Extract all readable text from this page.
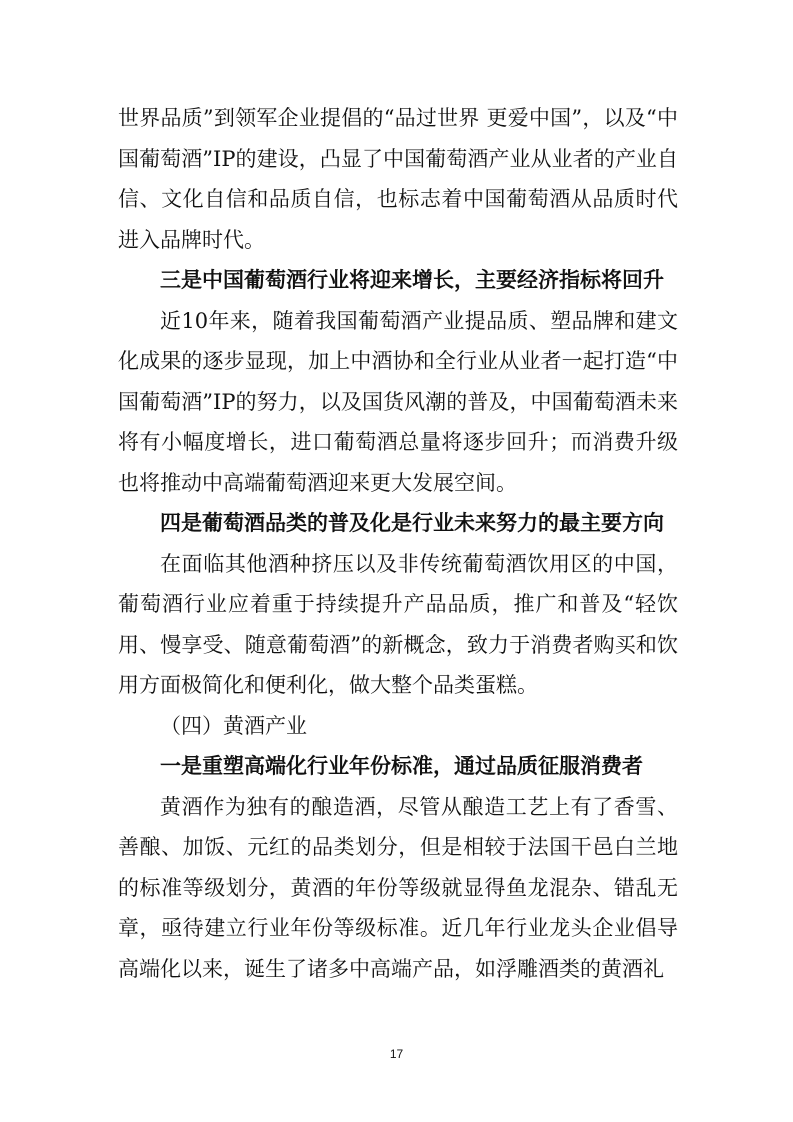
世界品质”到领军企业提倡的“品过世界 更爱中国”，以及“中国葡萄酒”IP的建设，凸显了中国葡萄酒产业从业者的产业自信、文化自信和品质自信，也标志着中国葡萄酒从品质时代进入品牌时代。

三是中国葡萄酒行业将迎来增长，主要经济指标将回升

近10年来，随着我国葡萄酒产业提品质、塑品牌和建文化成果的逐步显现，加上中酒协和全行业从业者一起打造“中国葡萄酒”IP的努力，以及国货风潮的普及，中国葡萄酒未来将有小幅度增长，进口葡萄酒总量将逐步回升；而消费升级也将推动中高端葡萄酒迎来更大发展空间。

四是葡萄酒品类的普及化是行业未来努力的最主要方向

在面临其他酒种挤压以及非传统葡萄酒饮用区的中国，葡萄酒行业应着重于持续提升产品品质，推广和普及“轻饮用、慢享受、随意葡萄酒”的新概念，致力于消费者购买和饮用方面极简化和便利化，做大整个品类蛋糕。

（四）黄酒产业

一是重塑高端化行业年份标准，通过品质征服消费者

黄酒作为独有的酿造酒，尽管从酿造工艺上有了香雪、善酿、加饭、元红的品类划分，但是相较于法国干邑白兰地的标准等级划分，黄酒的年份等级就显得鱼龙混杂、错乱无章，亟待建立行业年份等级标准。近几年行业龙头企业倡导高端化以来，诞生了诸多中高端产品，如浮雕酒类的黄酒礼

17
